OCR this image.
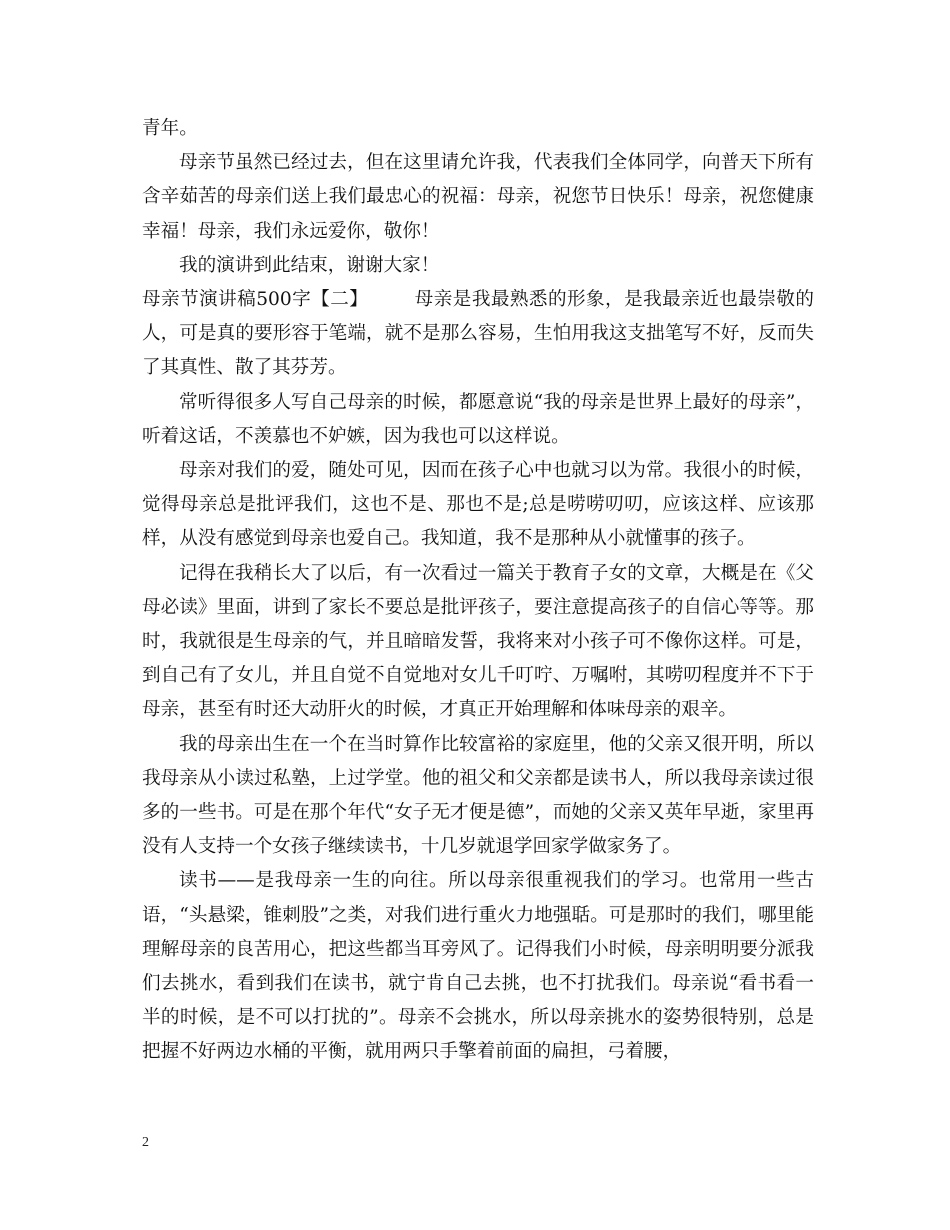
青年。

母亲节虽然已经过去，但在这里请允许我，代表我们全体同学，向普天下所有含辛茹苦的母亲们送上我们最忠心的祝福：母亲，祝您节日快乐！母亲，祝您健康幸福！母亲，我们永远爱你，敬你！

我的演讲到此结束，谢谢大家！

母亲节演讲稿500字【二】 母亲是我最熟悉的形象，是我最亲近也最崇敬的人，可是真的要形容于笔端，就不是那么容易，生怕用我这支拙笔写不好，反而失了其真性、散了其芬芳。

常听得很多人写自己母亲的时候，都愿意说“我的母亲是世界上最好的母亲”，听着这话，不羡慕也不妒嫉，因为我也可以这样说。

母亲对我们的爱，随处可见，因而在孩子心中也就习以为常。我很小的时候，觉得母亲总是批评我们，这也不是、那也不是;总是唠唠叨叨，应该这样、应该那样，从没有感觉到母亲也爱自己。我知道，我不是那种从小就懂事的孩子。

记得在我稍长大了以后，有一次看过一篇关于教育子女的文章，大概是在《父母必读》里面，讲到了家长不要总是批评孩子，要注意提高孩子的自信心等等。那时，我就很是生母亲的气，并且暗暗发誓，我将来对小孩子可不像你这样。可是，到自己有了女儿，并且自觉不自觉地对女儿千叮咛、万嘱咐，其唠叨程度并不下于母亲，甚至有时还大动肝火的时候，才真正开始理解和体味母亲的艰辛。

我的母亲出生在一个在当时算作比较富裕的家庭里，他的父亲又很开明，所以我母亲从小读过私塾，上过学堂。他的祖父和父亲都是读书人，所以我母亲读过很多的一些书。可是在那个年代“女子无才便是德”，而她的父亲又英年早逝，家里再没有人支持一个女孩子继续读书，十几岁就退学回家学做家务了。

读书——是我母亲一生的向往。所以母亲很重视我们的学习。也常用一些古语，“头悬梁，锥刺股”之类，对我们进行重火力地强聒。可是那时的我们，哪里能理解母亲的良苦用心，把这些都当耳旁风了。记得我们小时候，母亲明明要分派我们去挑水，看到我们在读书，就宁肯自己去挑，也不打扰我们。母亲说“看书看一半的时候，是不可以打扰的”。母亲不会挑水，所以母亲挑水的姿势很特别，总是把握不好两边水桶的平衡，就用两只手擎着前面的扁担，弓着腰，

2
